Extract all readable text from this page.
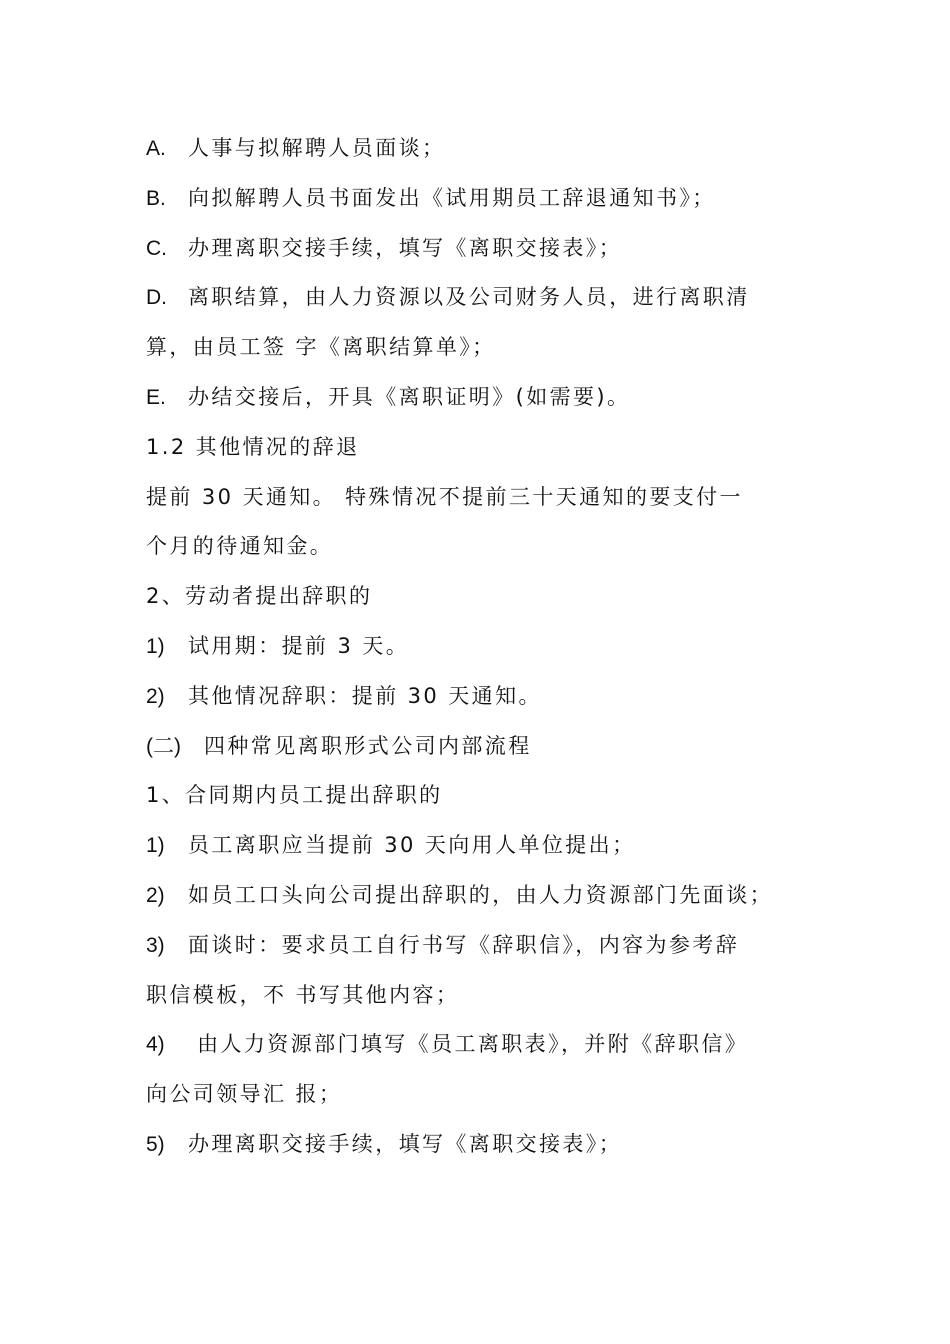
A. 人事与拟解聘人员面谈；
B. 向拟解聘人员书面发出《试用期员工辞退通知书》；
C. 办理离职交接手续，填写《离职交接表》；
D. 离职结算，由人力资源以及公司财务人员，进行离职清
算，由员工签 字《离职结算单》；
E. 办结交接后，开具《离职证明》(如需要)。
1.2 其他情况的辞退
提前 30 天通知。 特殊情况不提前三十天通知的要支付一
个月的待通知金。
2、劳动者提出辞职的
1) 试用期：提前 3 天。
2) 其他情况辞职：提前 30 天通知。
(二) 四种常见离职形式公司内部流程
1、合同期内员工提出辞职的
1) 员工离职应当提前 30 天向用人单位提出；
2) 如员工口头向公司提出辞职的，由人力资源部门先面谈；
3) 面谈时：要求员工自行书写《辞职信》，内容为参考辞
职信模板，不 书写其他内容；
4) 由人力资源部门填写《员工离职表》，并附《辞职信》
向公司领导汇 报；
5) 办理离职交接手续，填写《离职交接表》；
